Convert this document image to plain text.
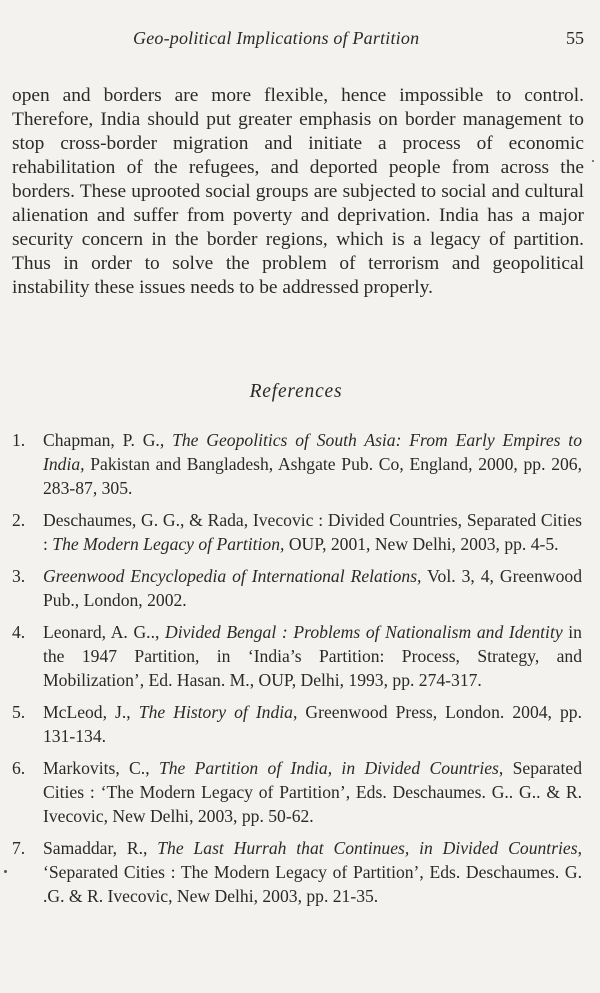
Geo-political Implications of Partition	55

open and borders are more flexible, hence impossible to control. Therefore, India should put greater emphasis on border management to stop cross-border migration and initiate a process of economic rehabilitation of the refugees, and deported people from across the borders. These uprooted social groups are subjected to social and cultural alienation and suffer from poverty and deprivation. India has a major security concern in the border regions, which is a legacy of partition. Thus in order to solve the problem of terrorism and geopolitical instability these issues needs to be addressed properly.

References
1. Chapman, P. G., The Geopolitics of South Asia: From Early Empires to India, Pakistan and Bangladesh, Ashgate Pub. Co, England, 2000, pp. 206, 283-87, 305.
2. Deschaumes, G. G., & Rada, Ivecovic : Divided Countries, Separated Cities : The Modern Legacy of Partition, OUP, 2001, New Delhi, 2003, pp. 4-5.
3. Greenwood Encyclopedia of International Relations, Vol. 3, 4, Greenwood Pub., London, 2002.
4. Leonard, A. G.., Divided Bengal : Problems of Nationalism and Identity in the 1947 Partition, in ‘India’s Partition: Process, Strategy, and Mobilization’, Ed. Hasan. M., OUP, Delhi, 1993, pp. 274-317.
5. McLeod, J., The History of India, Greenwood Press, London. 2004, pp. 131-134.
6. Markovits, C., The Partition of India, in Divided Countries, Separated Cities : ‘The Modern Legacy of Partition’, Eds. Deschaumes. G.. G.. & R. Ivecovic, New Delhi, 2003, pp. 50-62.
7. Samaddar, R., The Last Hurrah that Continues, in Divided Countries, ‘Separated Cities : The Modern Legacy of Partition’, Eds. Deschaumes. G. .G. & R. Ivecovic, New Delhi, 2003, pp. 21-35.
